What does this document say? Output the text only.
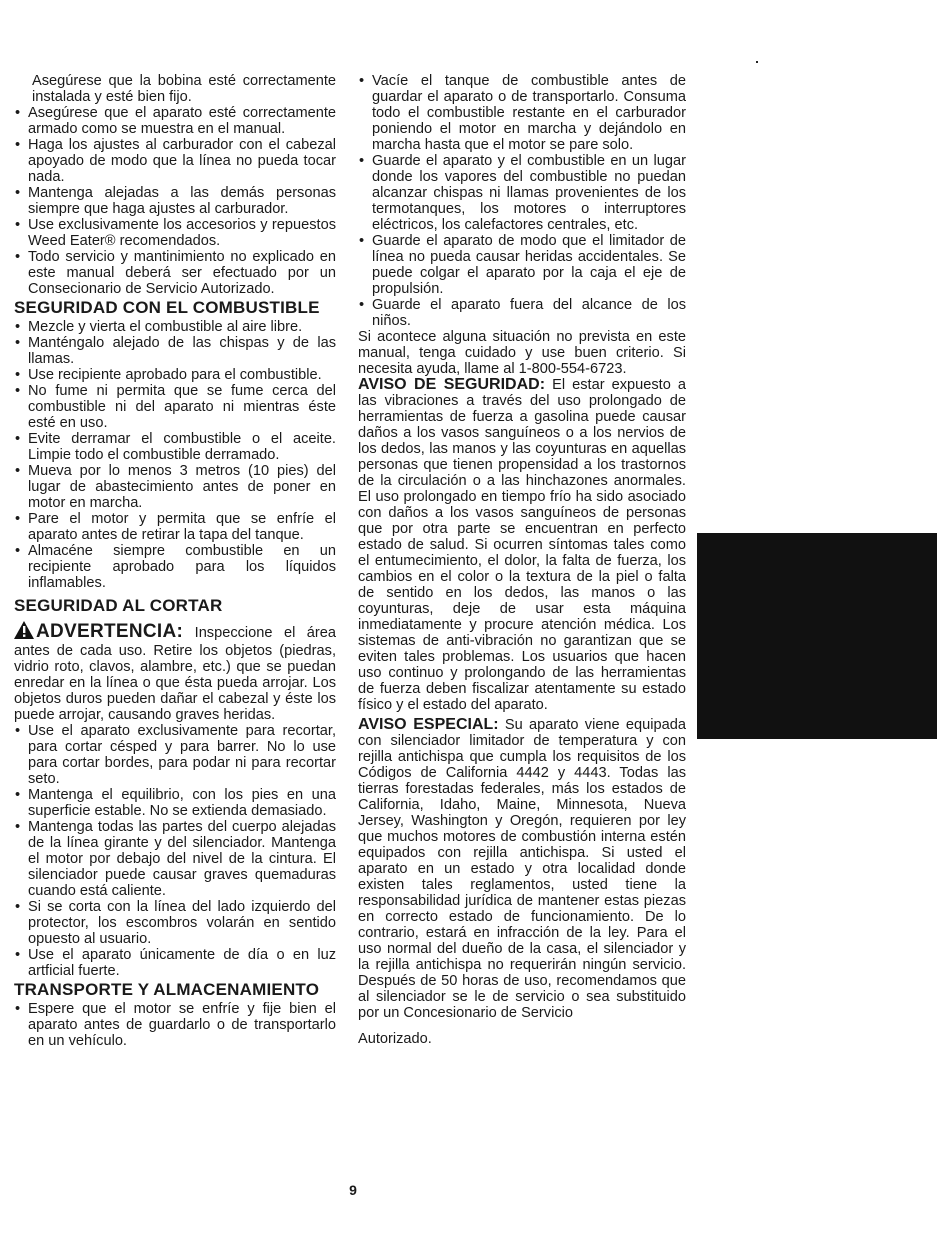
Asegúrese que la bobina esté correctamente instalada y esté bien fijo.

• Asegúrese que el aparato esté correctamente armado como se muestra en el manual.
• Haga los ajustes al carburador con el cabezal apoyado de modo que la línea no pueda tocar nada.
• Mantenga alejadas a las demás personas siempre que haga ajustes al carburador.
• Use exclusivamente los accesorios y repuestos Weed Eater® recomendados.
• Todo servicio y mantinimiento no explicado en este manual deberá ser efectuado por un Consecionario de Servicio Autorizado.
SEGURIDAD CON EL COMBUSTIBLE
• Mezcle y vierta el combustible al aire libre.
• Manténgalo alejado de las chispas y de las llamas.
• Use recipiente aprobado para el combustible.
• No fume ni permita que se fume cerca del combustible ni del aparato ni mientras éste esté en uso.
• Evite derramar el combustible o el aceite. Limpie todo el combustible derramado.
• Mueva por lo menos 3 metros (10 pies) del lugar de abastecimiento antes de poner en motor en marcha.
• Pare el motor y permita que se enfríe el aparato antes de retirar la tapa del tanque.
• Almacéne siempre combustible en un recipiente aprobado para los líquidos inflamables.
SEGURIDAD AL CORTAR

ADVERTENCIA: Inspeccione el área antes de cada uso. Retire los objetos (piedras, vidrio roto, clavos, alambre, etc.) que se puedan enredar en la línea o que ésta pueda arrojar. Los objetos duros pueden dañar el cabezal y éste los puede arrojar, causando graves heridas.

• Use el aparato exclusivamente para recortar, para cortar césped y para barrer. No lo use para cortar bordes, para podar ni para recortar seto.
• Mantenga el equilibrio, con los pies en una superficie estable. No se extienda demasiado.
• Mantenga todas las partes del cuerpo alejadas de la línea girante y del silenciador. Mantenga el motor por debajo del nivel de la cintura. El silenciador puede causar graves quemaduras cuando está caliente.
• Si se corta con la línea del lado izquierdo del protector, los escombros volarán en sentido opuesto al usuario.
• Use el aparato únicamente de día o en luz artficial fuerte.
TRANSPORTE Y ALMACENAMIENTO
• Espere que el motor se enfríe y fije bien el aparato antes de guardarlo o de transportarlo en un vehículo.
• Vacíe el tanque de combustible antes de guardar el aparato o de transportarlo. Consuma todo el combustible restante en el carburador poniendo el motor en marcha y dejándolo en marcha hasta que el motor se pare solo.
• Guarde el aparato y el combustible en un lugar donde los vapores del combustible no puedan alcanzar chispas ni llamas provenientes de los termotanques, los motores o interruptores eléctricos, los calefactores centrales, etc.
• Guarde el aparato de modo que el limitador de línea no pueda causar heridas accidentales. Se puede colgar el aparato por la caja el eje de propulsión.
• Guarde el aparato fuera del alcance de los niños.

Si acontece alguna situación no prevista en este manual, tenga cuidado y use buen criterio. Si necesita ayuda, llame al 1-800-554-6723.

AVISO DE SEGURIDAD: El estar expuesto a las vibraciones a través del uso prolongado de herramientas de fuerza a gasolina puede causar daños a los vasos sanguíneos o a los nervios de los dedos, las manos y las coyunturas en aquellas personas que tienen propensidad a los trastornos de la circulación o a las hinchazones anormales. El uso prolongado en tiempo frío ha sido asociado con daños a los vasos sanguíneos de personas que por otra parte se encuentran en perfecto estado de salud. Si ocurren síntomas tales como el entumecimiento, el dolor, la falta de fuerza, los cambios en el color o la textura de la piel o falta de sentido en los dedos, las manos o las coyunturas, deje de usar esta máquina inmediatamente y procure atención médica. Los sistemas de anti-vibración no garantizan que se eviten tales problemas. Los usuarios que hacen uso continuo y prolongando de las herramientas de fuerza deben fiscalizar atentamente su estado físico y el estado del aparato.

AVISO ESPECIAL: Su aparato viene equipada con silenciador limitador de temperatura y con rejilla antichispa que cumpla los requisitos de los Códigos de California 4442 y 4443. Todas las tierras forestadas federales, más los estados de California, Idaho, Maine, Minnesota, Nueva Jersey, Washington y Oregón, requieren por ley que muchos motores de combustión interna estén equipados con rejilla antichispa. Si usted el aparato en un estado y otra localidad donde existen tales reglamentos, usted tiene la responsabilidad jurídica de mantener estas piezas en correcto estado de funcionamiento. De lo contrario, estará en infracción de la ley. Para el uso normal del dueño de la casa, el silenciador y la rejilla antichispa no requerirán ningún servicio. Después de 50 horas de uso, recomendamos que al silenciador se le de servicio o sea substituido por un Concesionario de Servicio

Autorizado.

9
